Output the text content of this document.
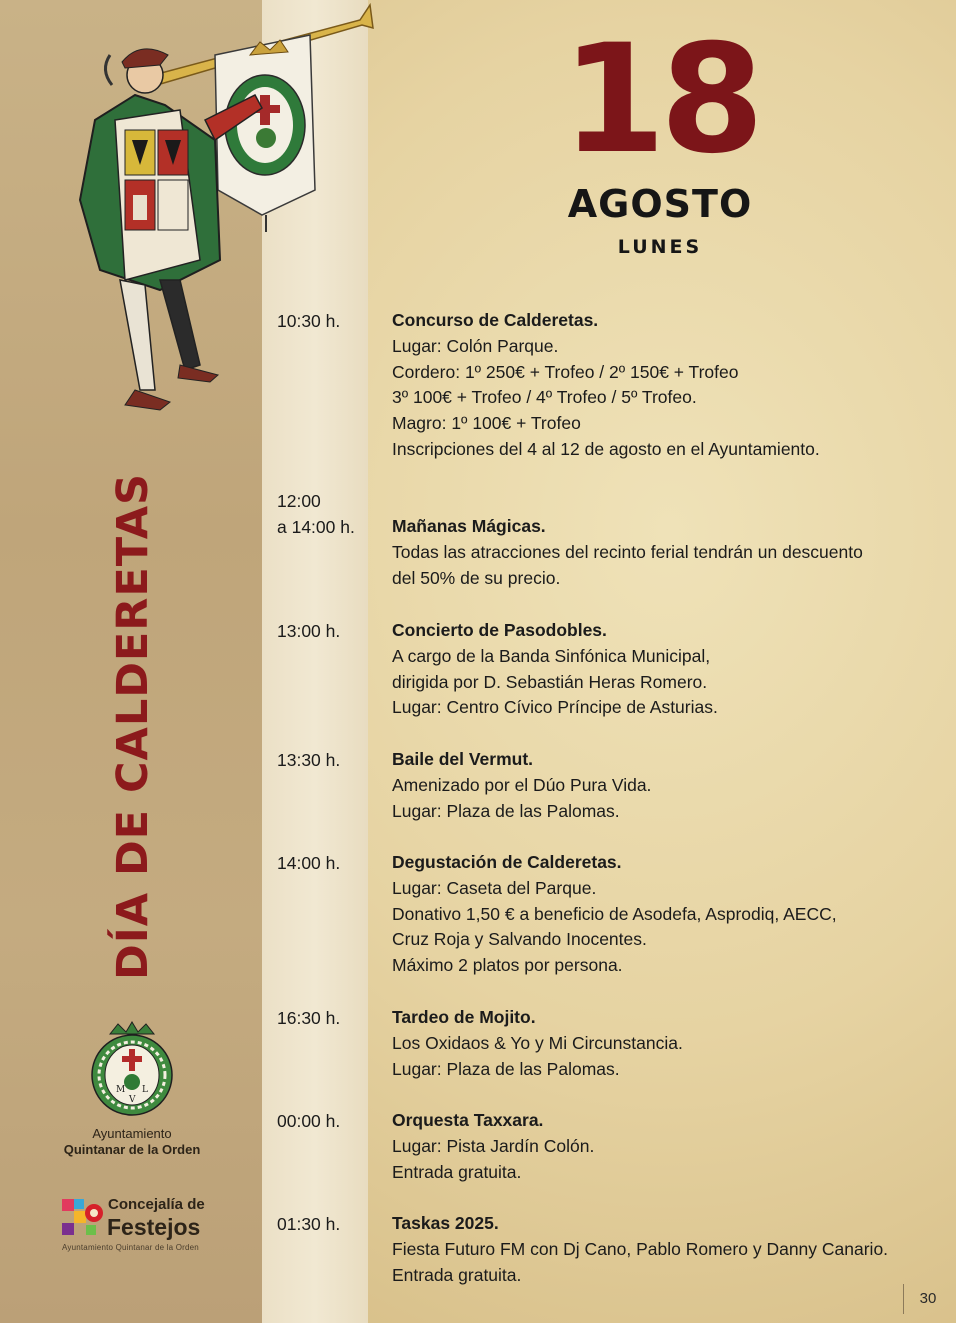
18
AGOSTO
LUNES
DÍA DE CALDERETAS
M L
V
Ayuntamiento
Quintanar de la Orden
Concejalía de
Festejos
Ayuntamiento Quintanar de la Orden
10:30 h.	Concurso de Calderetas.
Lugar: Colón Parque.
Cordero: 1º 250€ + Trofeo / 2º 150€ + Trofeo
3º 100€ + Trofeo / 4º Trofeo / 5º Trofeo.
Magro: 1º 100€ + Trofeo
Inscripciones del 4 al 12 de agosto en el Ayuntamiento.
12:00
a 14:00 h.	Mañanas Mágicas.
Todas las atracciones del recinto ferial tendrán un descuento
del 50% de su precio.
13:00 h.	Concierto de Pasodobles.
A cargo de la Banda Sinfónica Municipal,
dirigida por D. Sebastián Heras Romero.
Lugar: Centro Cívico Príncipe de Asturias.
13:30 h.	Baile del Vermut.
Amenizado por el Dúo Pura Vida.
Lugar: Plaza de las Palomas.
14:00 h.	Degustación de Calderetas.
Lugar: Caseta del Parque.
Donativo 1,50 € a beneficio de Asodefa, Asprodiq, AECC,
Cruz Roja y Salvando Inocentes.
Máximo 2 platos por persona.
16:30 h.	Tardeo de Mojito.
Los Oxidaos & Yo y Mi Circunstancia.
Lugar: Plaza de las Palomas.
00:00 h.	Orquesta Taxxara.
Lugar: Pista Jardín Colón.
Entrada gratuita.
01:30 h.	Taskas 2025.
Fiesta Futuro FM con Dj Cano, Pablo Romero y Danny Canario.
Entrada gratuita.
30
